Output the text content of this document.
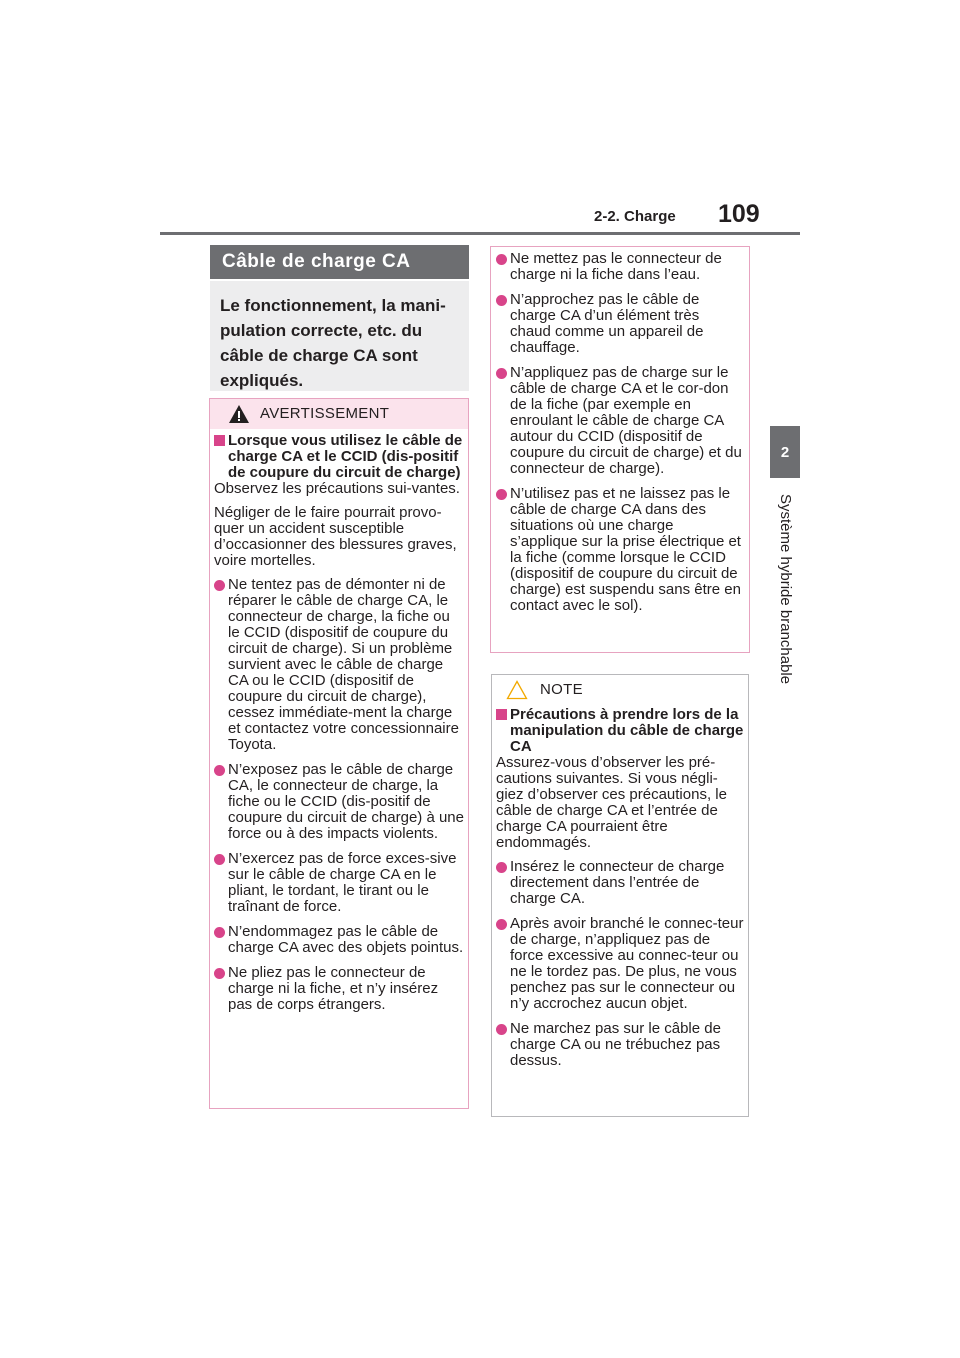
2-2. Charge 109
2
Système hybride branchable
Câble de charge CA
Le fonctionnement, la mani-pulation correcte, etc. du câble de charge CA sont expliqués.
AVERTISSEMENT

Lorsque vous utilisez le câble de charge CA et le CCID (dis-positif de coupure du circuit de charge)

Observez les précautions sui-vantes.

Négliger de le faire pourrait provo-quer un accident susceptible d’occasionner des blessures graves, voire mortelles.

Ne tentez pas de démonter ni de réparer le câble de charge CA, le connecteur de charge, la fiche ou le CCID (dispositif de coupure du circuit de charge). Si un problème survient avec le câble de charge CA ou le CCID (dispositif de coupure du circuit de charge), cessez immédiate-ment la charge et contactez votre concessionnaire Toyota.

N’exposez pas le câble de charge CA, le connecteur de charge, la fiche ou le CCID (dis-positif de coupure du circuit de charge) à une force ou à des impacts violents.

N’exercez pas de force exces-sive sur le câble de charge CA en le pliant, le tordant, le tirant ou le traînant de force.

N’endommagez pas le câble de charge CA avec des objets pointus.

Ne pliez pas le connecteur de charge ni la fiche, et n’y insérez pas de corps étrangers.

Ne mettez pas le connecteur de charge ni la fiche dans l’eau.

N’approchez pas le câble de charge CA d’un élément très chaud comme un appareil de chauffage.

N’appliquez pas de charge sur le câble de charge CA et le cor-don de la fiche (par exemple en enroulant le câble de charge CA autour du CCID (dispositif de coupure du circuit de charge) et du connecteur de charge).

N’utilisez pas et ne laissez pas le câble de charge CA dans des situations où une charge s’applique sur la prise électrique et la fiche (comme lorsque le CCID (dispositif de coupure du circuit de charge) est suspendu sans être en contact avec le sol).

NOTE

Précautions à prendre lors de la manipulation du câble de charge CA

Assurez-vous d’observer les pré-cautions suivantes. Si vous négli-giez d’observer ces précautions, le câble de charge CA et l’entrée de charge CA pourraient être endommagés.

Insérez le connecteur de charge directement dans l’entrée de charge CA.

Après avoir branché le connec-teur de charge, n’appliquez pas de force excessive au connec-teur ou ne le tordez pas. De plus, ne vous penchez pas sur le connecteur ou n’y accrochez aucun objet.

Ne marchez pas sur le câble de charge CA ou ne trébuchez pas dessus.
